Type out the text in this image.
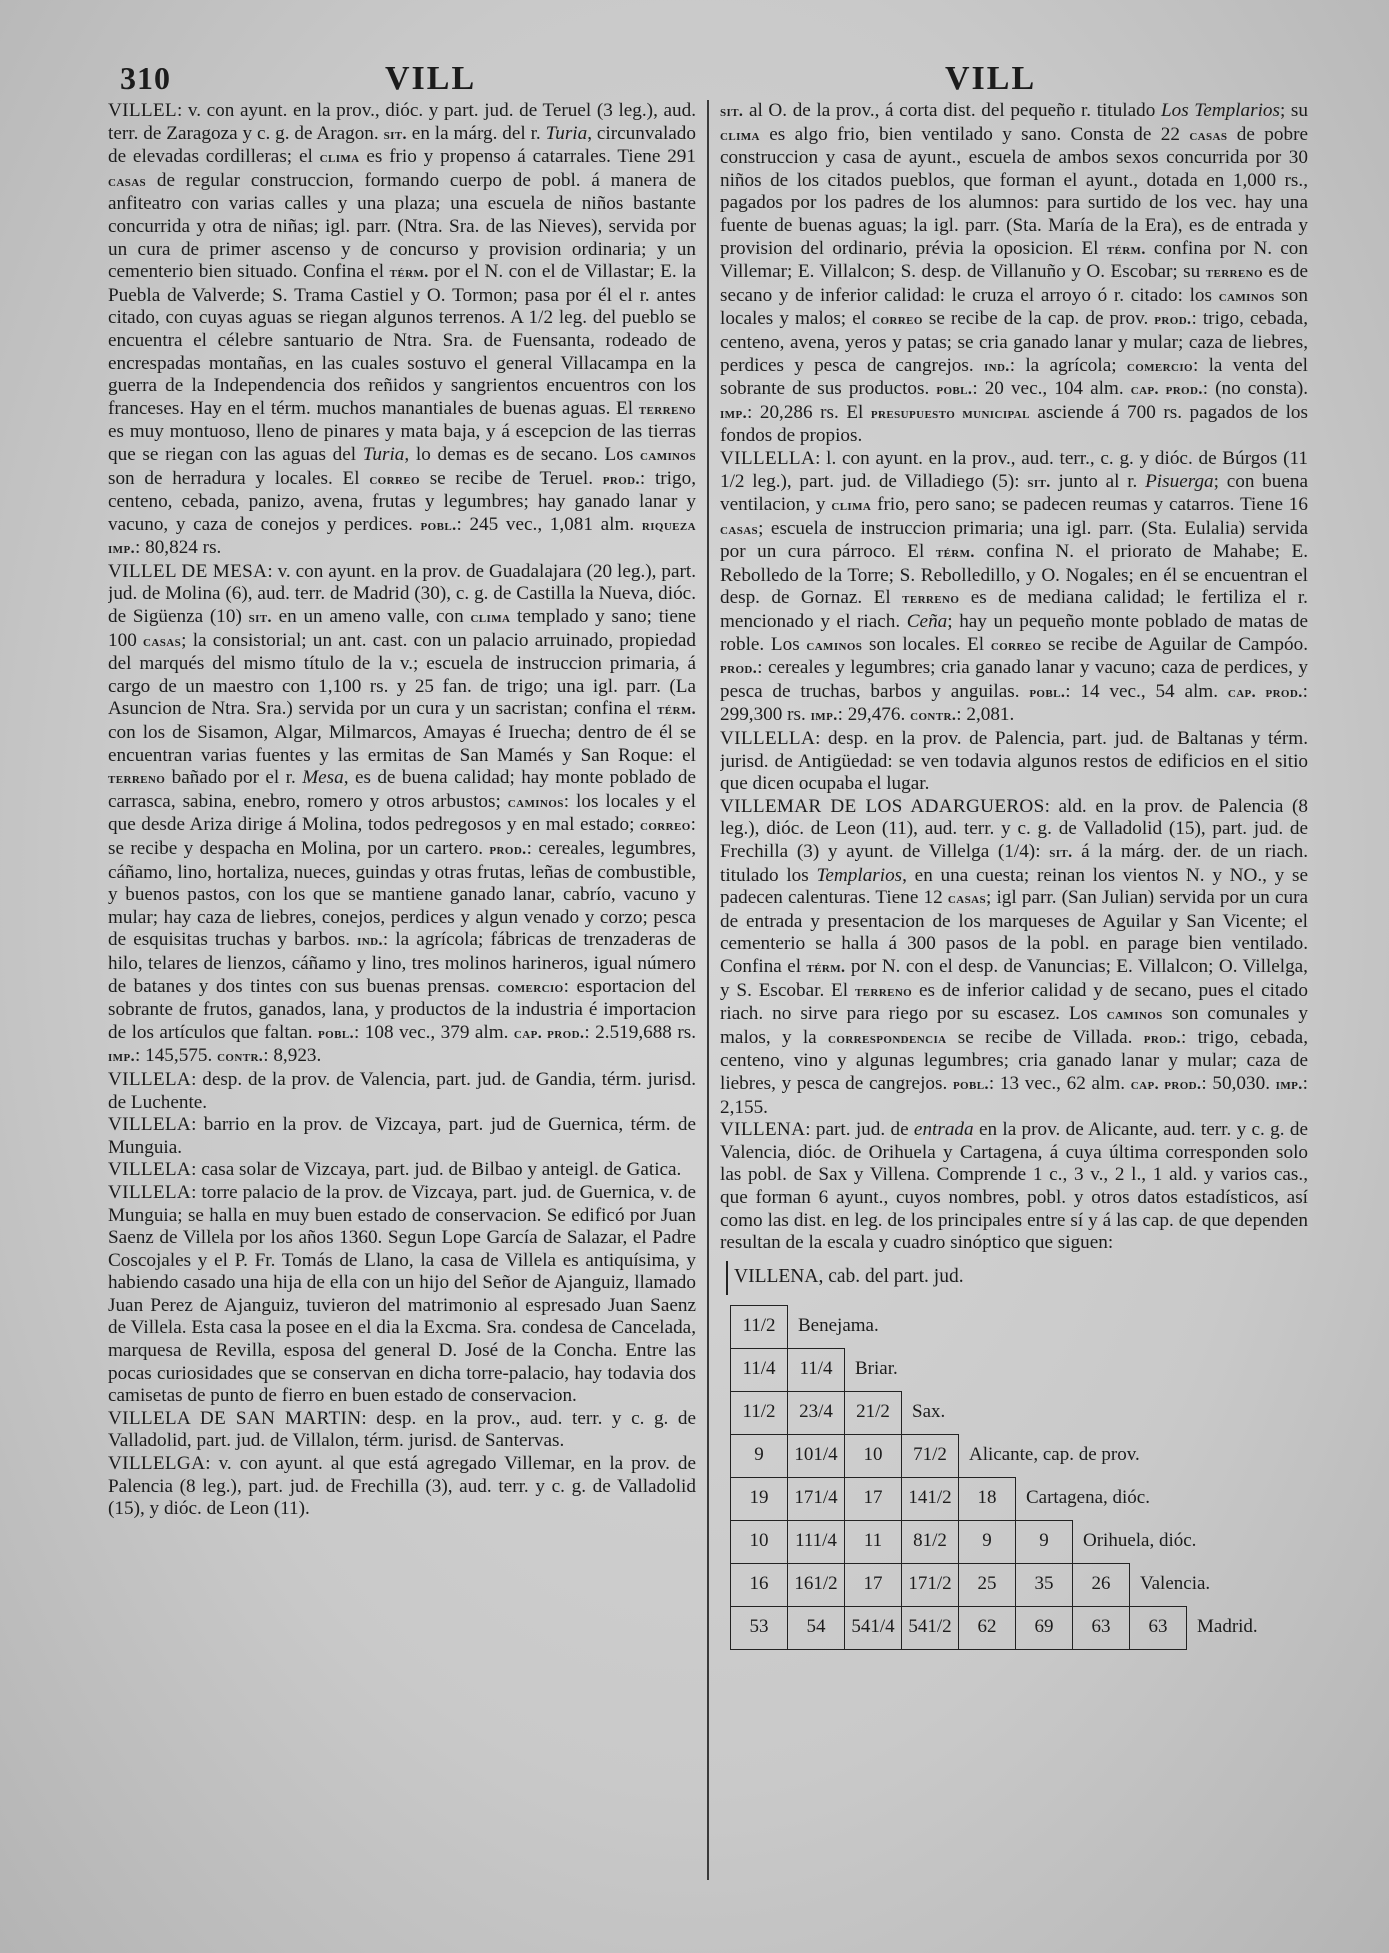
310	VILL	VILL

VILLEL: v. con ayunt. en la prov., dióc. y part. jud. de Teruel (3 leg.), aud. terr. de Zaragoza y c. g. de Aragon. sit. en la márg. del r. Turia, circunvalado de elevadas cordilleras; el clima es frio y propenso á catarrales. Tiene 291 casas de regular construccion, formando cuerpo de pobl. á manera de anfiteatro con varias calles y una plaza; una escuela de niños bastante concurrida y otra de niñas; igl. parr. (Ntra. Sra. de las Nieves), servida por un cura de primer ascenso y de concurso y provision ordinaria; y un cementerio bien situado. Confina el térm. por el N. con el de Villastar; E. la Puebla de Valverde; S. Trama Castiel y O. Tormon; pasa por él el r. antes citado, con cuyas aguas se riegan algunos terrenos. A 1/2 leg. del pueblo se encuentra el célebre santuario de Ntra. Sra. de Fuensanta, rodeado de encrespadas montañas, en las cuales sostuvo el general Villacampa en la guerra de la Independencia dos reñidos y sangrientos encuentros con los franceses. Hay en el térm. muchos manantiales de buenas aguas. El terreno es muy montuoso, lleno de pinares y mata baja, y á escepcion de las tierras que se riegan con las aguas del Turia, lo demas es de secano. Los caminos son de herradura y locales. El correo se recibe de Teruel. prod.: trigo, centeno, cebada, panizo, avena, frutas y legumbres; hay ganado lanar y vacuno, y caza de conejos y perdices. pobl.: 245 vec., 1,081 alm. riqueza imp.: 80,824 rs.

VILLEL DE MESA: v. con ayunt. en la prov. de Guadalajara (20 leg.), part. jud. de Molina (6), aud. terr. de Madrid (30), c. g. de Castilla la Nueva, dióc. de Sigüenza (10) sit. en un ameno valle, con clima templado y sano; tiene 100 casas; la consistorial; un ant. cast. con un palacio arruinado, propiedad del marqués del mismo título de la v.; escuela de instruccion primaria, á cargo de un maestro con 1,100 rs. y 25 fan. de trigo; una igl. parr. (La Asuncion de Ntra. Sra.) servida por un cura y un sacristan; confina el térm. con los de Sisamon, Algar, Milmarcos, Amayas é Iruecha; dentro de él se encuentran varias fuentes y las ermitas de San Mamés y San Roque: el terreno bañado por el r. Mesa, es de buena calidad; hay monte poblado de carrasca, sabina, enebro, romero y otros arbustos; caminos: los locales y el que desde Ariza dirige á Molina, todos pedregosos y en mal estado; correo: se recibe y despacha en Molina, por un cartero. prod.: cereales, legumbres, cáñamo, lino, hortaliza, nueces, guindas y otras frutas, leñas de combustible, y buenos pastos, con los que se mantiene ganado lanar, cabrío, vacuno y mular; hay caza de liebres, conejos, perdices y algun venado y corzo; pesca de esquisitas truchas y barbos. ind.: la agrícola; fábricas de trenzaderas de hilo, telares de lienzos, cáñamo y lino, tres molinos harineros, igual número de batanes y dos tintes con sus buenas prensas. comercio: esportacion del sobrante de frutos, ganados, lana, y productos de la industria é importacion de los artículos que faltan. pobl.: 108 vec., 379 alm. cap. prod.: 2.519,688 rs. imp.: 145,575. contr.: 8,923.

VILLELA: desp. de la prov. de Valencia, part. jud. de Gandia, térm. jurisd. de Luchente.

VILLELA: barrio en la prov. de Vizcaya, part. jud de Guernica, térm. de Munguia.

VILLELA: casa solar de Vizcaya, part. jud. de Bilbao y anteigl. de Gatica.

VILLELA: torre palacio de la prov. de Vizcaya, part. jud. de Guernica, v. de Munguia; se halla en muy buen estado de conservacion. Se edificó por Juan Saenz de Villela por los años 1360. Segun Lope García de Salazar, el Padre Coscojales y el P. Fr. Tomás de Llano, la casa de Villela es antiquísima, y habiendo casado una hija de ella con un hijo del Señor de Ajanguiz, llamado Juan Perez de Ajanguiz, tuvieron del matrimonio al espresado Juan Saenz de Villela. Esta casa la posee en el dia la Excma. Sra. condesa de Cancelada, marquesa de Revilla, esposa del general D. José de la Concha. Entre las pocas curiosidades que se conservan en dicha torre-palacio, hay todavia dos camisetas de punto de fierro en buen estado de conservacion.

VILLELA DE SAN MARTIN: desp. en la prov., aud. terr. y c. g. de Valladolid, part. jud. de Villalon, térm. jurisd. de Santervas.

VILLELGA: v. con ayunt. al que está agregado Villemar, en la prov. de Palencia (8 leg.), part. jud. de Frechilla (3), aud. terr. y c. g. de Valladolid (15), y dióc. de Leon (11).

sit. al O. de la prov., á corta dist. del pequeño r. titulado Los Templarios; su clima es algo frio, bien ventilado y sano. Consta de 22 casas de pobre construccion y casa de ayunt., escuela de ambos sexos concurrida por 30 niños de los citados pueblos, que forman el ayunt., dotada en 1,000 rs., pagados por los padres de los alumnos: para surtido de los vec. hay una fuente de buenas aguas; la igl. parr. (Sta. María de la Era), es de entrada y provision del ordinario, prévia la oposicion. El térm. confina por N. con Villemar; E. Villalcon; S. desp. de Villanuño y O. Escobar; su terreno es de secano y de inferior calidad: le cruza el arroyo ó r. citado: los caminos son locales y malos; el correo se recibe de la cap. de prov. prod.: trigo, cebada, centeno, avena, yeros y patas; se cria ganado lanar y mular; caza de liebres, perdices y pesca de cangrejos. ind.: la agrícola; comercio: la venta del sobrante de sus productos. pobl.: 20 vec., 104 alm. cap. prod.: (no consta). imp.: 20,286 rs. El presupuesto municipal asciende á 700 rs. pagados de los fondos de propios.

VILLELLA: l. con ayunt. en la prov., aud. terr., c. g. y dióc. de Búrgos (11 1/2 leg.), part. jud. de Villadiego (5): sit. junto al r. Pisuerga; con buena ventilacion, y clima frio, pero sano; se padecen reumas y catarros. Tiene 16 casas; escuela de instruccion primaria; una igl. parr. (Sta. Eulalia) servida por un cura párroco. El térm. confina N. el priorato de Mahabe; E. Rebolledo de la Torre; S. Rebolledillo, y O. Nogales; en él se encuentran el desp. de Gornaz. El terreno es de mediana calidad; le fertiliza el r. mencionado y el riach. Ceña; hay un pequeño monte poblado de matas de roble. Los caminos son locales. El correo se recibe de Aguilar de Campóo. prod.: cereales y legumbres; cria ganado lanar y vacuno; caza de perdices, y pesca de truchas, barbos y anguilas. pobl.: 14 vec., 54 alm. cap. prod.: 299,300 rs. imp.: 29,476. contr.: 2,081.

VILLELLA: desp. en la prov. de Palencia, part. jud. de Baltanas y térm. jurisd. de Antigüedad: se ven todavia algunos restos de edificios en el sitio que dicen ocupaba el lugar.

VILLEMAR DE LOS ADARGUEROS: ald. en la prov. de Palencia (8 leg.), dióc. de Leon (11), aud. terr. y c. g. de Valladolid (15), part. jud. de Frechilla (3) y ayunt. de Villelga (1/4): sit. á la márg. der. de un riach. titulado los Templarios, en una cuesta; reinan los vientos N. y NO., y se padecen calenturas. Tiene 12 casas; igl parr. (San Julian) servida por un cura de entrada y presentacion de los marqueses de Aguilar y San Vicente; el cementerio se halla á 300 pasos de la pobl. en parage bien ventilado. Confina el térm. por N. con el desp. de Vanuncias; E. Villalcon; O. Villelga, y S. Escobar. El terreno es de inferior calidad y de secano, pues el citado riach. no sirve para riego por su escasez. Los caminos son comunales y malos, y la correspondencia se recibe de Villada. prod.: trigo, cebada, centeno, vino y algunas legumbres; cria ganado lanar y mular; caza de liebres, y pesca de cangrejos. pobl.: 13 vec., 62 alm. cap. prod.: 50,030. imp.: 2,155.

VILLENA: part. jud. de entrada en la prov. de Alicante, aud. terr. y c. g. de Valencia, dióc. de Orihuela y Cartagena, á cuya última corresponden solo las pobl. de Sax y Villena. Comprende 1 c., 3 v., 2 l., 1 ald. y varios cas., que forman 6 ayunt., cuyos nombres, pobl. y otros datos estadísticos, así como las dist. en leg. de los principales entre sí y á las cap. de que dependen resultan de la escala y cuadro sinóptico que siguen:

VILLENA, cab. del part. jud.
11/2	Benejama.							
11/4	11/4	Briar.						
11/2	23/4	21/2	Sax.					
9	101/4	10	71/2	Alicante, cap. de prov.				
19	171/4	17	141/2	18	Cartagena, dióc.			
10	111/4	11	81/2	9	9	Orihuela, dióc.		
16	161/2	17	171/2	25	35	26	Valencia.	
53	54	541/4	541/2	62	69	63	63	Madrid.
